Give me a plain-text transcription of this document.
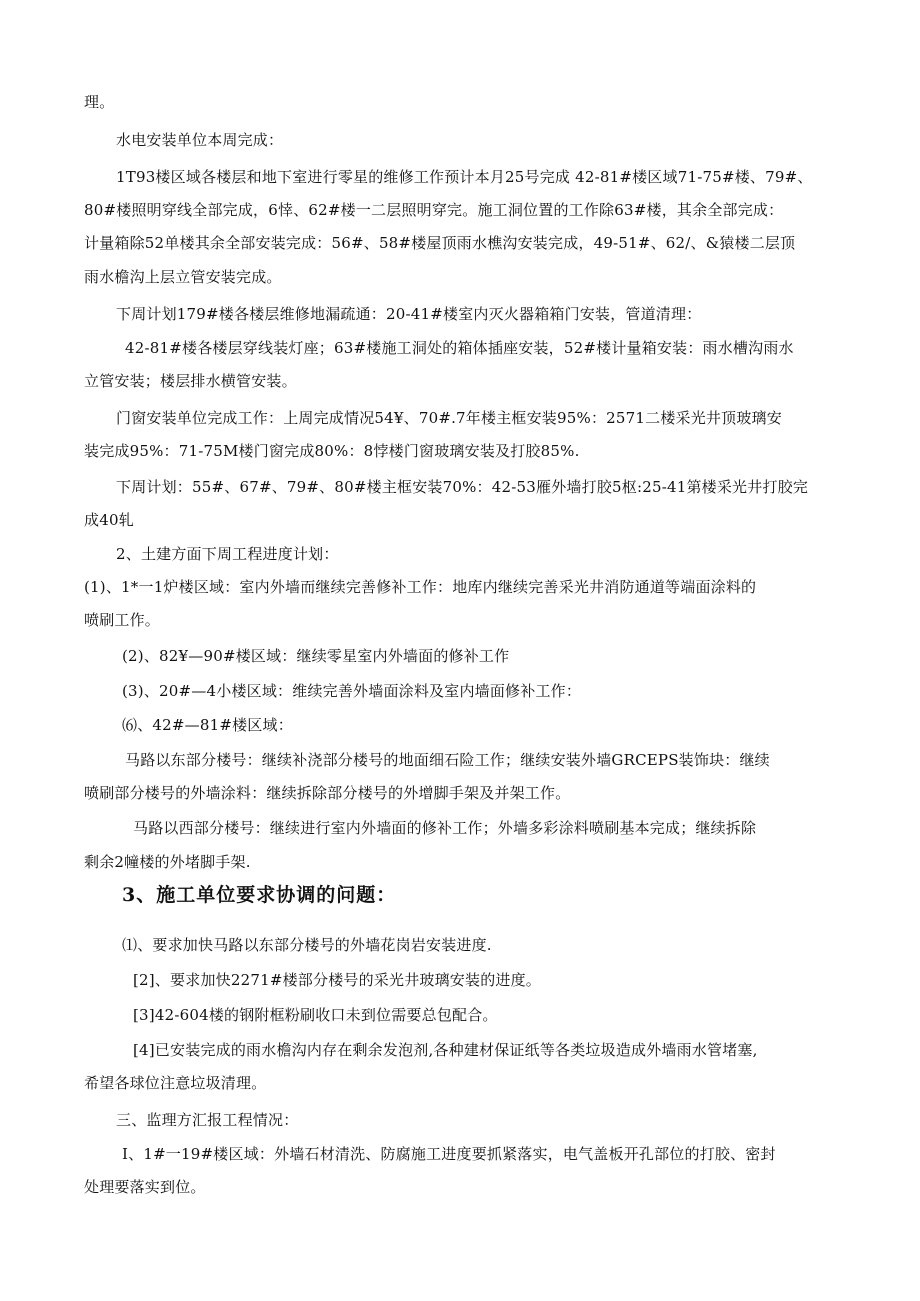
理。
水电安装单位本周完成：
1T93楼区域各楼层和地下室进行零星的维修工作预计本月25号完成 42-81#楼区域71-75#楼、79#、
80#楼照明穿线全部完成，6悻、62#楼一二层照明穿完。施工洞位置的工作除63#楼，其余全部完成：
计量箱除52单楼其余全部安装完成：56#、58#楼屋顶雨水樵沟安装完成，49-51#、62/、&猿楼二层顶
雨水檐沟上层立管安装完成。
下周计划179#楼各楼层维修地漏疏通：20-41#楼室内灭火器箱箱门安装，管道清理：
42-81#楼各楼层穿线装灯座；63#楼施工洞处的箱体插座安装，52#楼计量箱安装：雨水槽沟雨水
立管安装；楼层排水横管安装。
门窗安装单位完成工作：上周完成情况54¥、70#.7年楼主框安装95%：2571二楼采光井顶玻璃安
装完成95%：71-75M楼门窗完成80%：8悖楼门窗玻璃安装及打胶85%.
下周计划：55#、67#、79#、80#楼主框安装70%：42-53雁外墙打胶5枢:25-41第楼采光井打胶完
成40轧
2、土建方面下周工程进度计划：
(1)、1*一1炉楼区域：室内外墙而继续完善修补工作：地库内继续完善采光井消防通道等端面涂料的
喷刷工作。
(2)、82¥—90#楼区域：继续零星室内外墙面的修补工作
(3)、20#—4小楼区域：维续完善外墙面涂料及室内墙面修补工作：
⑹、42#—81#楼区域：
马路以东部分楼号：继续补浇部分楼号的地面细石险工作；继续安装外墙GRCEPS装饰块：继续
喷刷部分楼号的外墙涂料：继续拆除部分楼号的外增脚手架及并架工作。
马路以西部分楼号：继续进行室内外墙面的修补工作；外墙多彩涂料喷刷基本完成；继续拆除
剩余2幢楼的外堵脚手架.
3、施工单位要求协调的问题：
⑴、要求加快马路以东部分楼号的外墙花岗岩安装进度.
[2]、要求加快2271#楼部分楼号的采光井玻璃安装的进度。
[3]42-604楼的钢附框粉刷收口未到位需要总包配合。
[4]已安装完成的雨水檐沟内存在剩余发泡剂,各种建材保证纸等各类垃圾造成外墙雨水管堵塞,
希望各球位注意垃圾清理。
三、监理方汇报工程情况：
I、1#一19#楼区域：外墙石材清洗、防腐施工进度要抓紧落实，电气盖板开孔部位的打胶、密封
处理要落实到位。
